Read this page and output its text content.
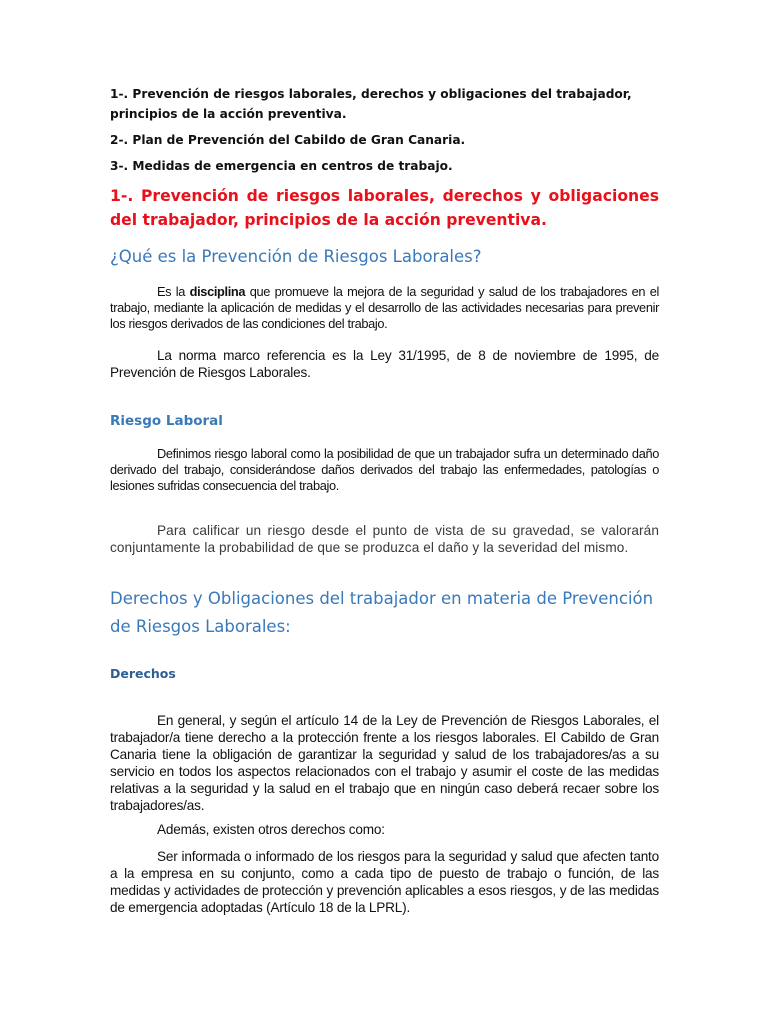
1-. Prevención de riesgos laborales, derechos y obligaciones del trabajador, principios de la acción preventiva.

2-. Plan de Prevención del Cabildo de Gran Canaria.

3-. Medidas de emergencia en centros de trabajo.

1-. Prevención de riesgos laborales, derechos y obligaciones del trabajador, principios de la acción preventiva.
¿Qué es la Prevención de Riesgos Laborales?

Es la disciplina que promueve la mejora de la seguridad y salud de los trabajadores en el trabajo, mediante la aplicación de medidas y el desarrollo de las actividades necesarias para prevenir los riesgos derivados de las condiciones del trabajo.

La norma marco referencia es la Ley 31/1995, de 8 de noviembre de 1995, de Prevención de Riesgos Laborales.

Riesgo Laboral

Definimos riesgo laboral como la posibilidad de que un trabajador sufra un determinado daño derivado del trabajo, considerándose daños derivados del trabajo las enfermedades, patologías o lesiones sufridas consecuencia del trabajo.

Para calificar un riesgo desde el punto de vista de su gravedad, se valorarán conjuntamente la probabilidad de que se produzca el daño y la severidad del mismo.

Derechos y Obligaciones del trabajador en materia de Prevención de Riesgos Laborales:
Derechos

En general, y según el artículo 14 de la Ley de Prevención de Riesgos Laborales, el trabajador/a tiene derecho a la protección frente a los riesgos laborales. El Cabildo de Gran Canaria tiene la obligación de garantizar la seguridad y salud de los trabajadores/as a su servicio en todos los aspectos relacionados con el trabajo y asumir el coste de las medidas relativas a la seguridad y la salud en el trabajo que en ningún caso deberá recaer sobre los trabajadores/as.

Además, existen otros derechos como:

Ser informada o informado de los riesgos para la seguridad y salud que afecten tanto a la empresa en su conjunto, como a cada tipo de puesto de trabajo o función, de las medidas y actividades de protección y prevención aplicables a esos riesgos, y de las medidas de emergencia adoptadas (Artículo 18 de la LPRL).
